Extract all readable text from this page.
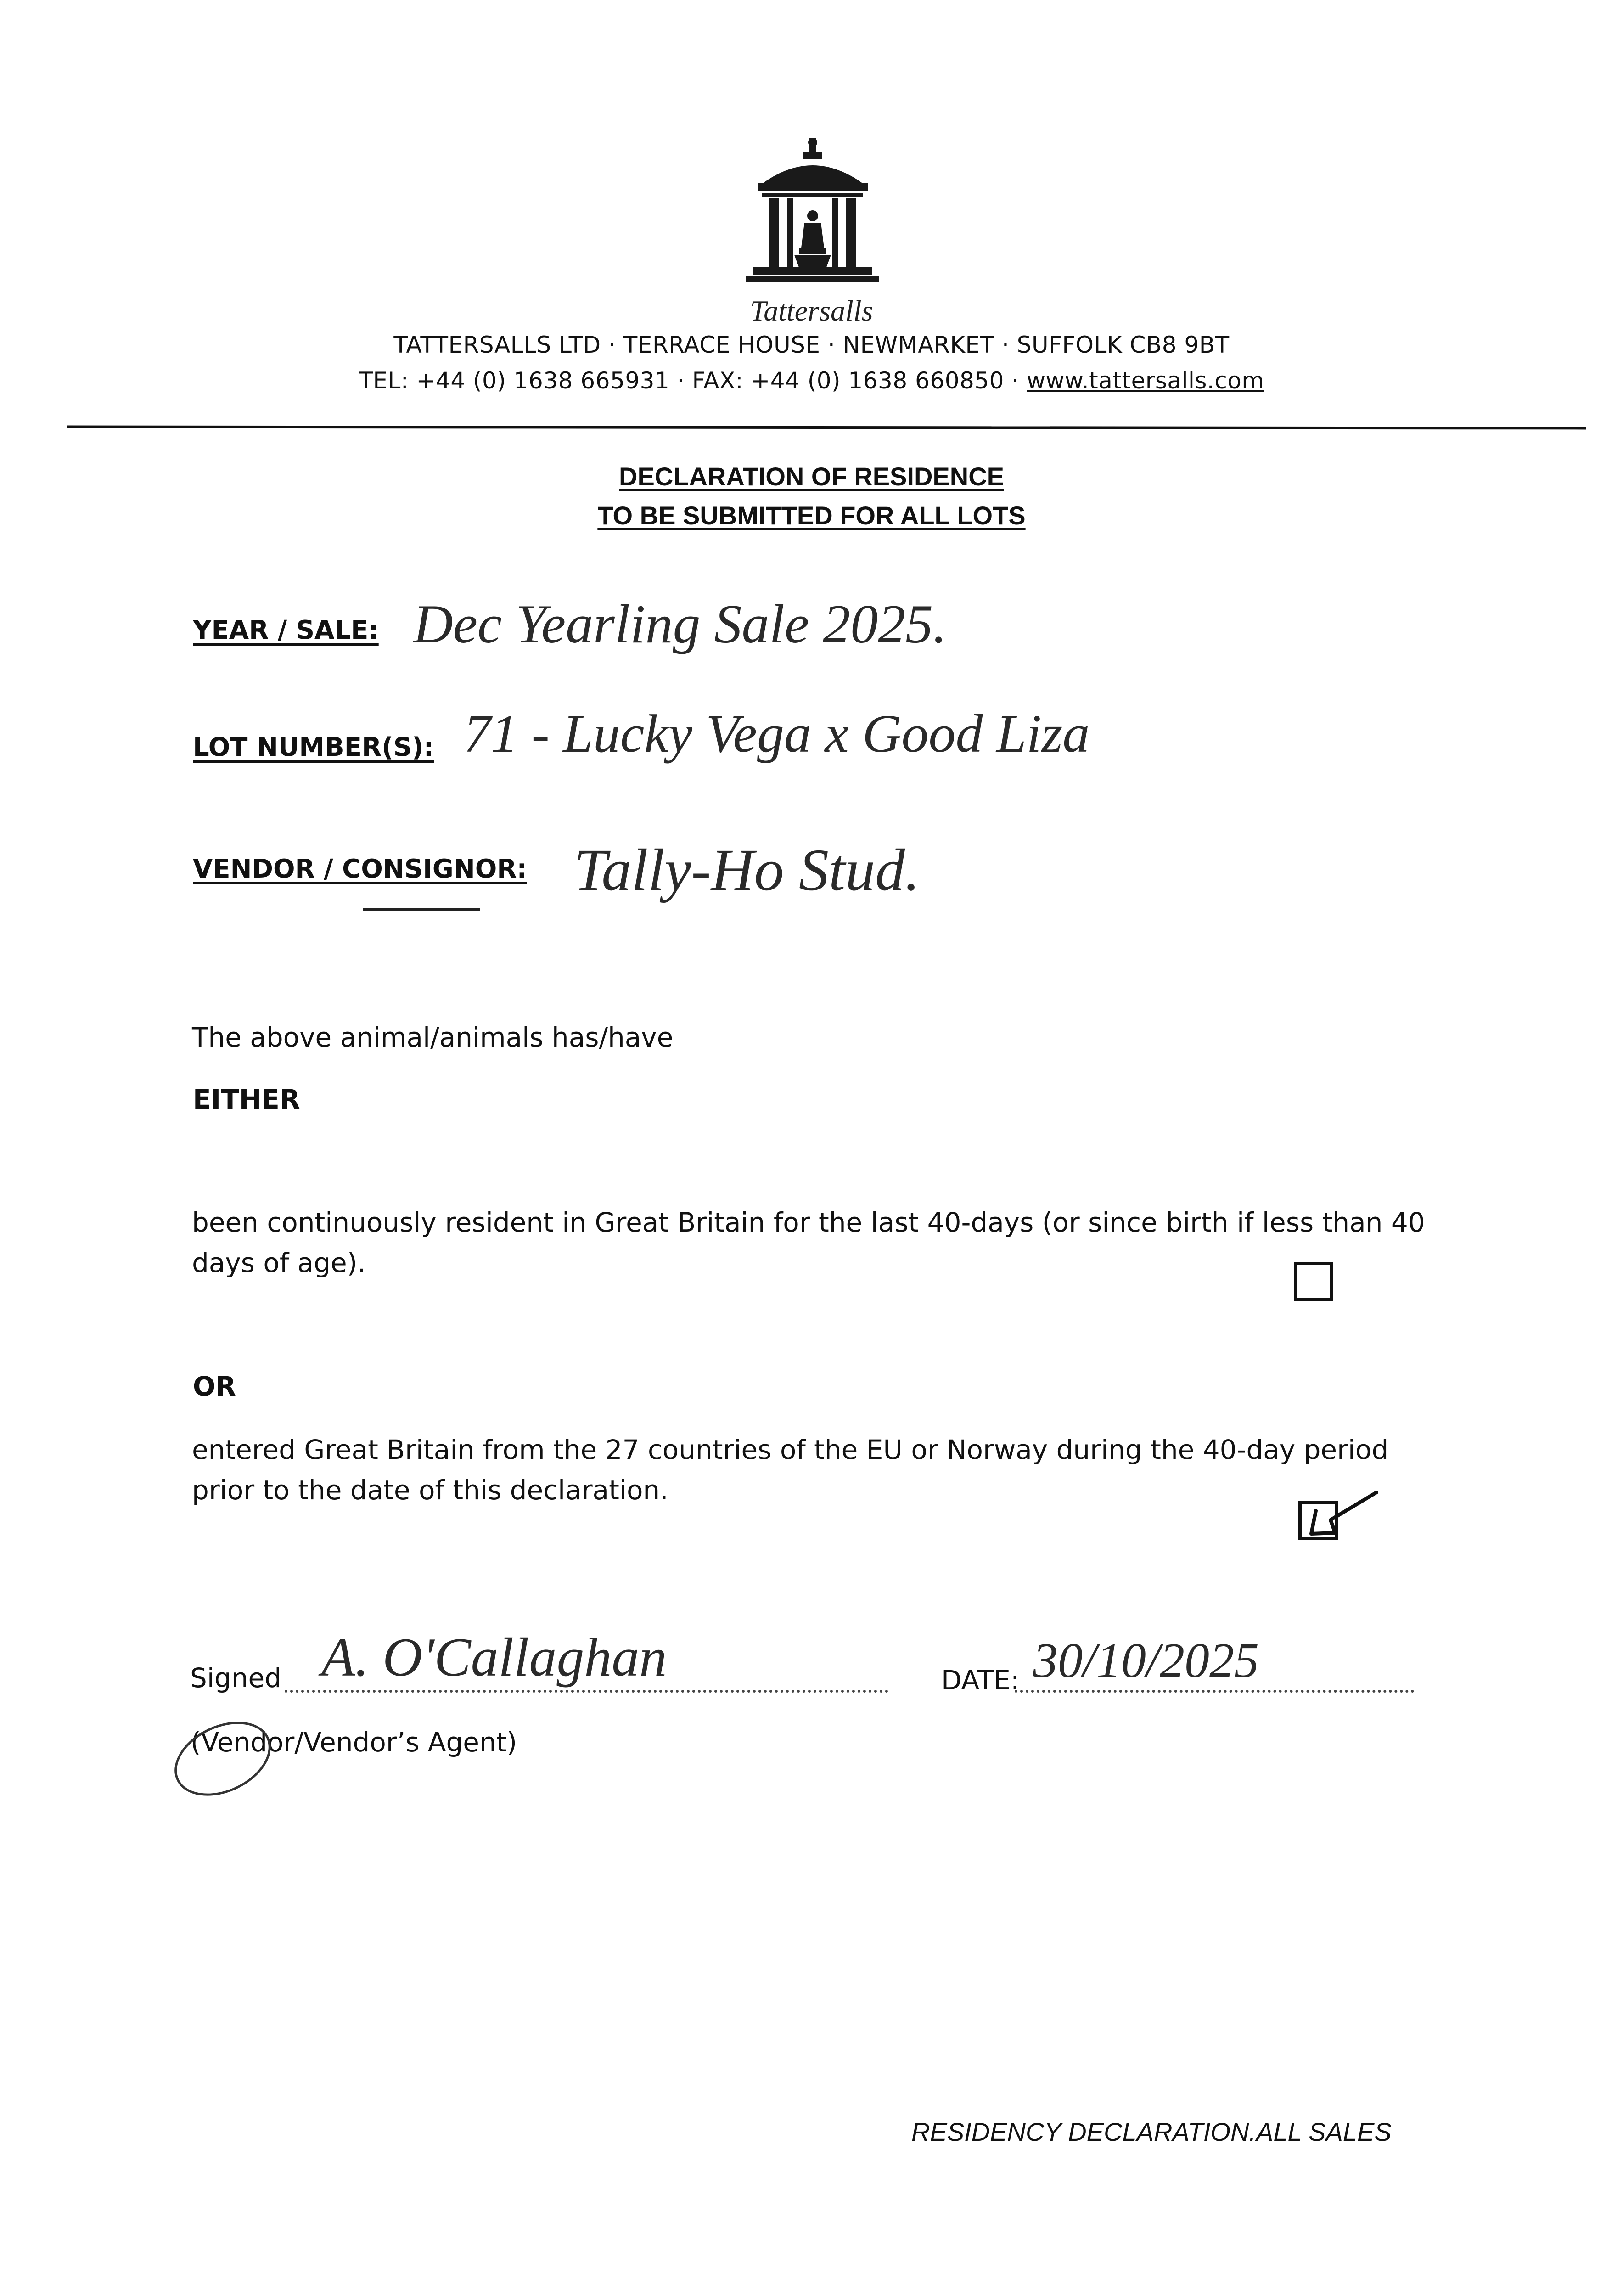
Tattersalls
TATTERSALLS LTD · TERRACE HOUSE · NEWMARKET · SUFFOLK CB8 9BT
TEL: +44 (0) 1638 665931 · FAX: +44 (0) 1638 660850 · www.tattersalls.com
DECLARATION OF RESIDENCE
TO BE SUBMITTED FOR ALL LOTS
YEAR / SALE: Dec Yearling Sale 2025.
LOT NUMBER(S): 71 - Lucky Vega x Good Liza
VENDOR / CONSIGNOR: Tally-Ho Stud.
The above animal/animals has/have
EITHER
been continuously resident in Great Britain for the last 40-days (or since birth if less than 40
days of age).
OR
entered Great Britain from the 27 countries of the EU or Norway during the 40-day period
prior to the date of this declaration.
Signed A. O'Callaghan
(Vendor/Vendor’s Agent)
DATE: 30/10/2025
RESIDENCY DECLARATION.ALL SALES
